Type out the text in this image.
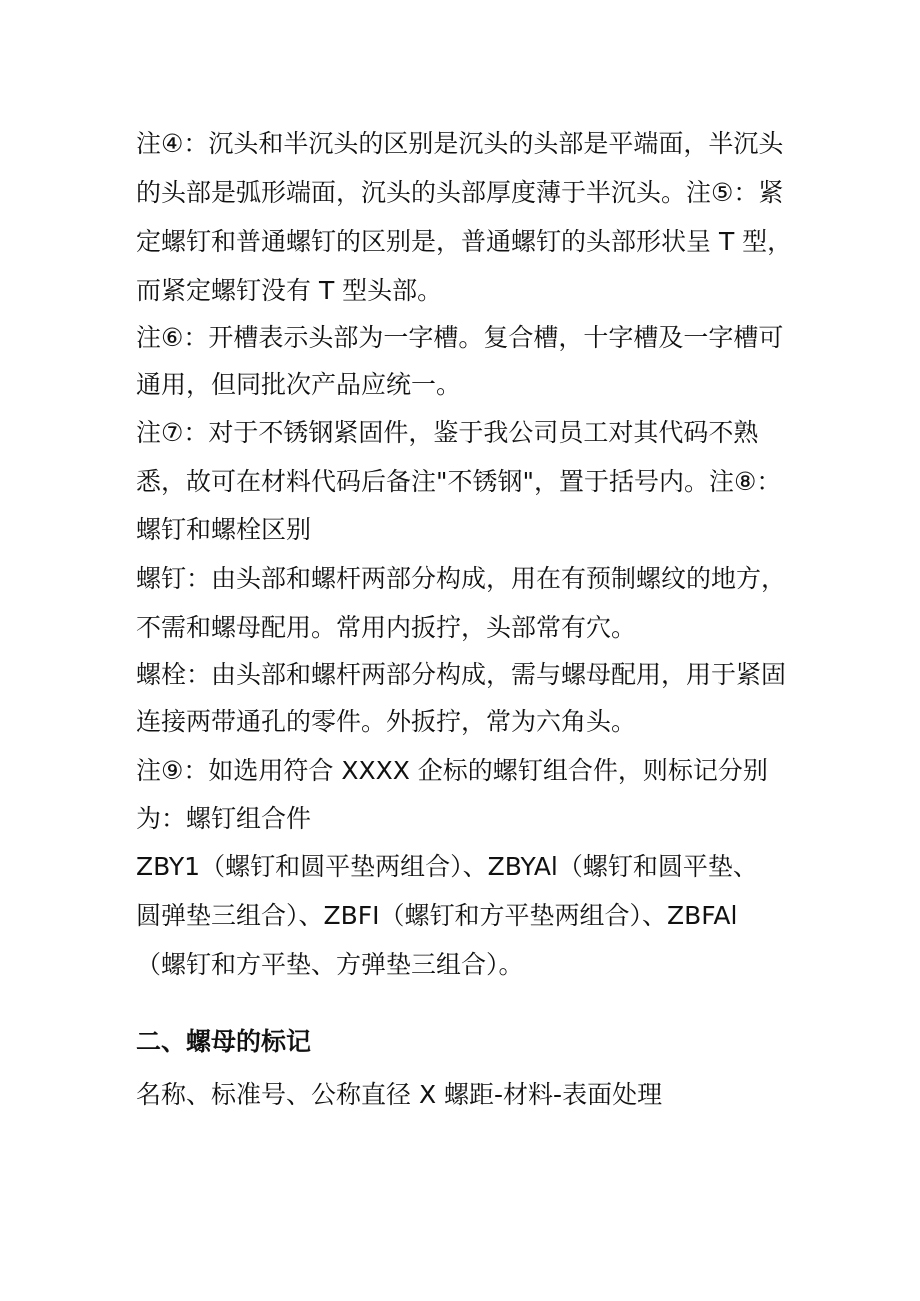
注④：沉头和半沉头的区别是沉头的头部是平端面，半沉头
的头部是弧形端面，沉头的头部厚度薄于半沉头。注⑤：紧
定螺钉和普通螺钉的区别是，普通螺钉的头部形状呈 T 型，
而紧定螺钉没有 T 型头部。
注⑥：开槽表示头部为一字槽。复合槽，十字槽及一字槽可
通用，但同批次产品应统一。
注⑦：对于不锈钢紧固件，鉴于我公司员工对其代码不熟
悉，故可在材料代码后备注"不锈钢"，置于括号内。注⑧：
螺钉和螺栓区别
螺钉：由头部和螺杆两部分构成，用在有预制螺纹的地方，
不需和螺母配用。常用内扳拧，头部常有穴。
螺栓：由头部和螺杆两部分构成，需与螺母配用，用于紧固
连接两带通孔的零件。外扳拧，常为六角头。
注⑨：如选用符合 XXXX 企标的螺钉组合件，则标记分别
为：螺钉组合件
ZBY1（螺钉和圆平垫两组合）、ZBYAl（螺钉和圆平垫、
圆弹垫三组合）、ZBFI（螺钉和方平垫两组合）、ZBFAl
（螺钉和方平垫、方弹垫三组合）。
二、螺母的标记
名称、标准号、公称直径 X 螺距-材料-表面处理
